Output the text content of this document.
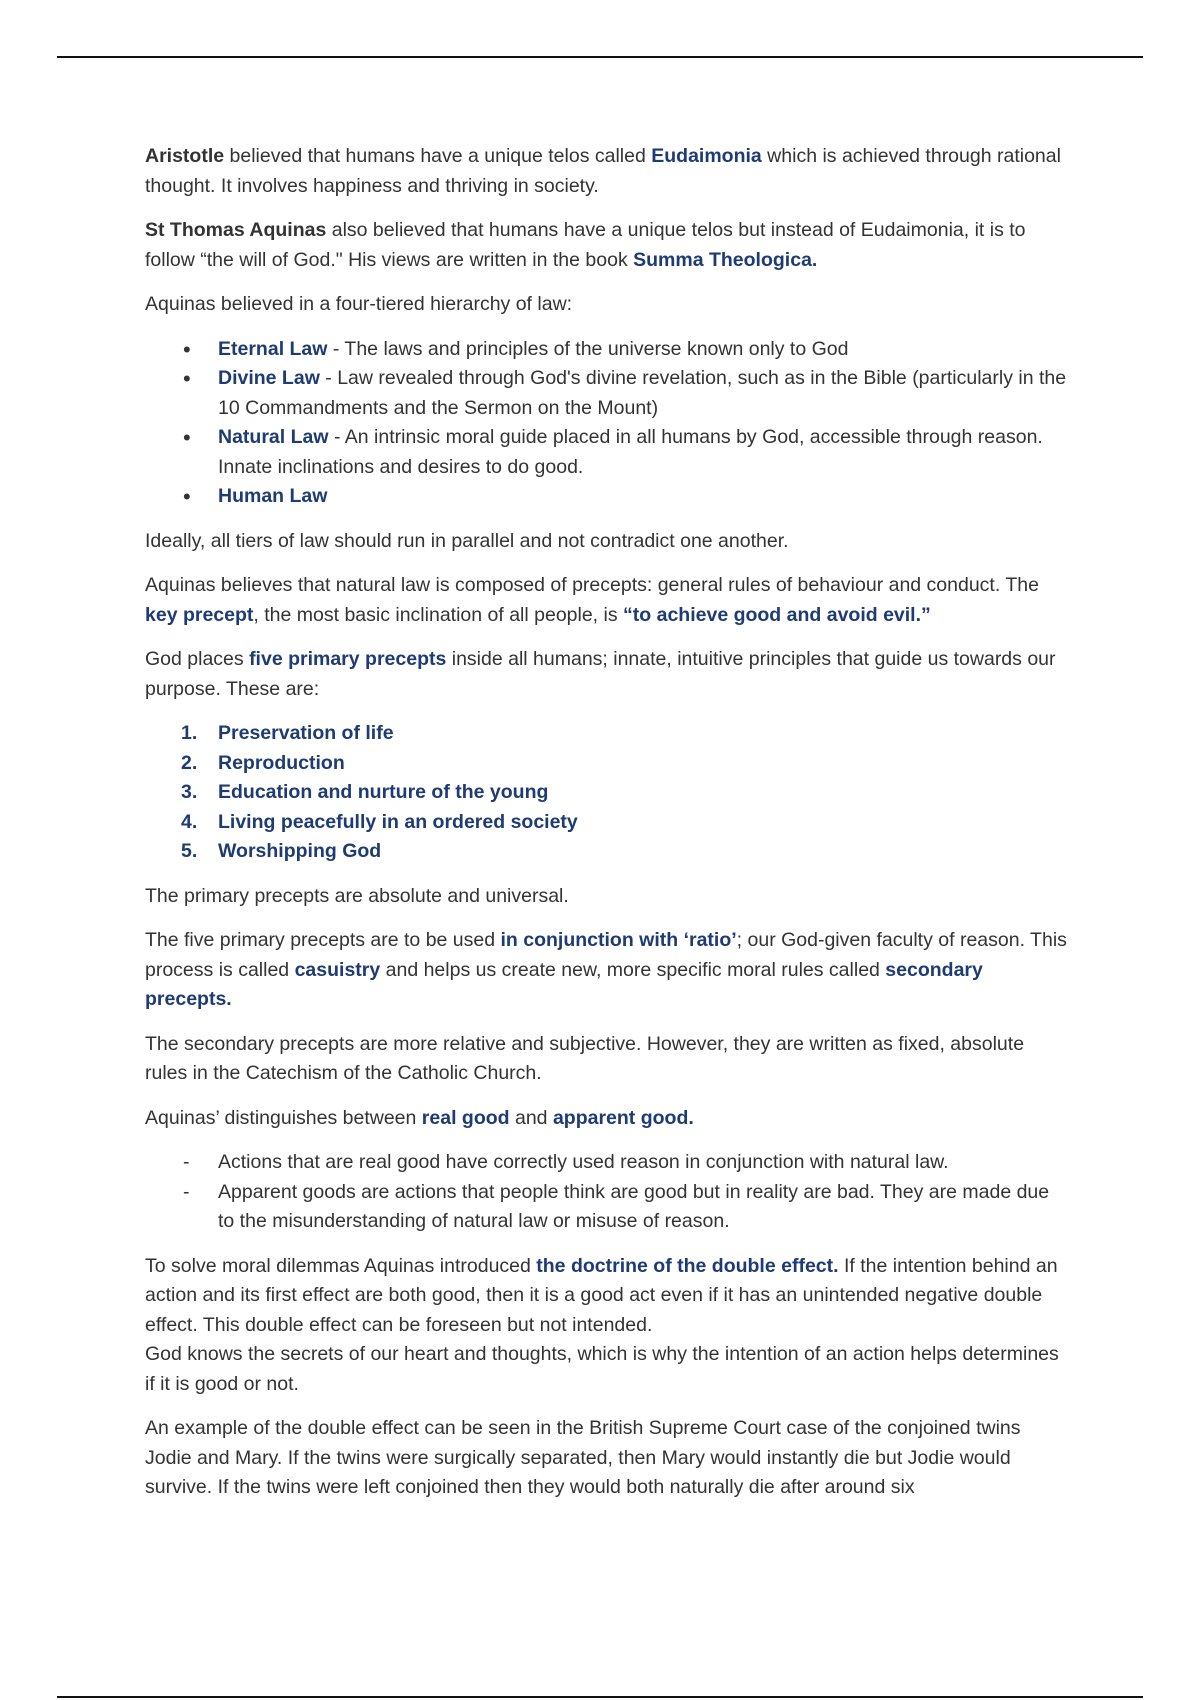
Aristotle believed that humans have a unique telos called Eudaimonia which is achieved through rational thought. It involves happiness and thriving in society.

St Thomas Aquinas also believed that humans have a unique telos but instead of Eudaimonia, it is to follow “the will of God." His views are written in the book Summa Theologica.

Aquinas believed in a four-tiered hierarchy of law:

• Eternal Law - The laws and principles of the universe known only to God
• Divine Law - Law revealed through God's divine revelation, such as in the Bible (particularly in the 10 Commandments and the Sermon on the Mount)
• Natural Law - An intrinsic moral guide placed in all humans by God, accessible through reason. Innate inclinations and desires to do good.
• Human Law

Ideally, all tiers of law should run in parallel and not contradict one another.

Aquinas believes that natural law is composed of precepts: general rules of behaviour and conduct. The key precept, the most basic inclination of all people, is “to achieve good and avoid evil.”

God places five primary precepts inside all humans; innate, intuitive principles that guide us towards our purpose. These are:

1. Preservation of life
2. Reproduction
3. Education and nurture of the young
4. Living peacefully in an ordered society
5. Worshipping God

The primary precepts are absolute and universal.

The five primary precepts are to be used in conjunction with ‘ratio’; our God-given faculty of reason. This process is called casuistry and helps us create new, more specific moral rules called secondary precepts.

The secondary precepts are more relative and subjective. However, they are written as fixed, absolute rules in the Catechism of the Catholic Church.

Aquinas’ distinguishes between real good and apparent good.

- Actions that are real good have correctly used reason in conjunction with natural law.
- Apparent goods are actions that people think are good but in reality are bad. They are made due to the misunderstanding of natural law or misuse of reason.

To solve moral dilemmas Aquinas introduced the doctrine of the double effect. If the intention behind an action and its first effect are both good, then it is a good act even if it has an unintended negative double effect. This double effect can be foreseen but not intended.

God knows the secrets of our heart and thoughts, which is why the intention of an action helps determines if it is good or not.

An example of the double effect can be seen in the British Supreme Court case of the conjoined twins Jodie and Mary. If the twins were surgically separated, then Mary would instantly die but Jodie would survive. If the twins were left conjoined then they would both naturally die after around six
